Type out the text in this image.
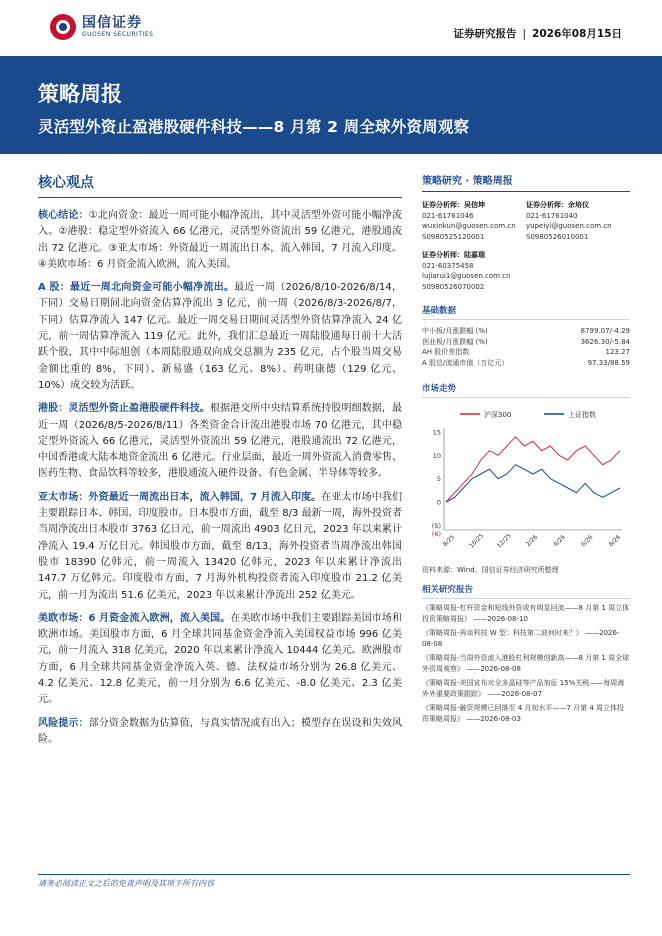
国信证券
GUOSEN SECURITIES	证券研究报告 | 2026年08月15日
策略周报
灵活型外资止盈港股硬件科技——8 月第 2 周全球外资周观察
核心观点
核心结论：①北向资金：最近一周可能小幅净流出，其中灵活型外资可能小幅净流入。②港股：稳定型外资流入 66 亿港元，灵活型外资流出 59 亿港元，港股通流出 72 亿港元。③亚太市场：外资最近一周流出日本，流入韩国，7 月流入印度。④美欧市场：6 月资金流入欧洲，流入美国。
A 股：最近一周北向资金可能小幅净流出。最近一周（2026/8/10-2026/8/14，下同）交易日期间北向资金估算净流出 3 亿元，前一周（2026/8/3-2026/8/7，下同）估算净流入 147 亿元。最近一周交易日期间灵活型外资估算净流入 24 亿元，前一周估算净流入 119 亿元。此外，我们汇总最近一周陆股通每日前十大活跃个股，其中中际旭创（本周陆股通双向成交总额为 235 亿元，占个股当周交易金额比重的 8%，下同）、新易盛（163 亿元、8%）、药明康德（129 亿元、10%）成交较为活跃。
港股：灵活型外资止盈港股硬件科技。根据港交所中央结算系统持股明细数据，最近一周（2026/8/5-2026/8/11）各类资金合计流出港股市场 70 亿港元，其中稳定型外资流入 66 亿港元，灵活型外资流出 59 亿港元，港股通流出 72 亿港元，中国香港或大陆本地资金流出 6 亿港元。行业层面，最近一周外资流入消费零售、医药生物、食品饮料等较多，港股通流入硬件设备、有色金属、半导体等较多。
亚太市场：外资最近一周流出日本，流入韩国，7 月流入印度。在亚太市场中我们主要跟踪日本、韩国、印度股市。日本股市方面，截至 8/3 最新一周，海外投资者当周净流出日本股市 3763 亿日元，前一周流出 4903 亿日元，2023 年以来累计净流入 19.4 万亿日元。韩国股市方面，截至 8/13，海外投资者当周净流出韩国股市 18390 亿韩元，前一周流入 13420 亿韩元，2023 年以来累计净流出 147.7 万亿韩元。印度股市方面，7 月海外机构投资者流入印度股市 21.2 亿美元，前一月为流出 51.6 亿美元，2023 年以来累计净流出 252 亿美元。
美欧市场：6 月资金流入欧洲，流入美国。在美欧市场中我们主要跟踪美国市场和欧洲市场。美国股市方面，6 月全球共同基金资金净流入美国权益市场 996 亿美元，前一月流入 318 亿美元，2020 年以来累计净流入 10444 亿美元。欧洲股市方面，6 月全球共同基金资金净流入英、德、法权益市场分别为 26.8 亿美元、4.2 亿美元、12.8 亿美元，前一月分别为 6.6 亿美元、-8.0 亿美元、2.3 亿美元。
风险提示：部分资金数据为估算值，与真实情况或有出入；模型存在误设和失效风险。
策略研究 · 策略周报
证券分析师：吴信坤
021-61761046
wuxinkun@guosen.com.cn
S0980525120001
证券分析师：余培仪
021-61761040
yupeiyi@guosen.com.cn
S0980526010001
证券分析师：陆嘉瑞
021-60375458
lujiarui1@guosen.com.cn
S0980526070002
基础数据
中小板/月涨跌幅 (%)	8799.07/-4.29
创业板/月涨跌幅 (%)	3626.30/-5.84
AH 股价差指数	123.27
A 股总/流通市值（万亿元）	97.33/88.59
市场走势
沪深300	上证指数
15
10
5
0
(5)
(6) 8/25 10/25 12/25 2/26 4/26 6/26 8/26
资料来源：Wind、国信证券经济研究所整理
相关研究报告
《策略周报-杠杆资金和短线外资或有明显回流——8 月第 1 周立体投资策略周报》 ——2026-08-10
《策略周报-再谈科技 W 型：科技第二波何时来？》 ——2026-08-08
《策略周报-当周外资流入港股杠利规模创新高——8 月第 1 周全球外资周观察》 ——2026-08-08
《策略周报-美国宣布对全多晶硅等产品加征 15%关税——每周海外外重要政策跟踪》 ——2026-08-07
《策略周报-融资规模已回落至 4 月初水平——7 月第 4 周立体投资策略周报》 ——2026-08-03
请务必阅读正文之后的免责声明及其项下所有内容
